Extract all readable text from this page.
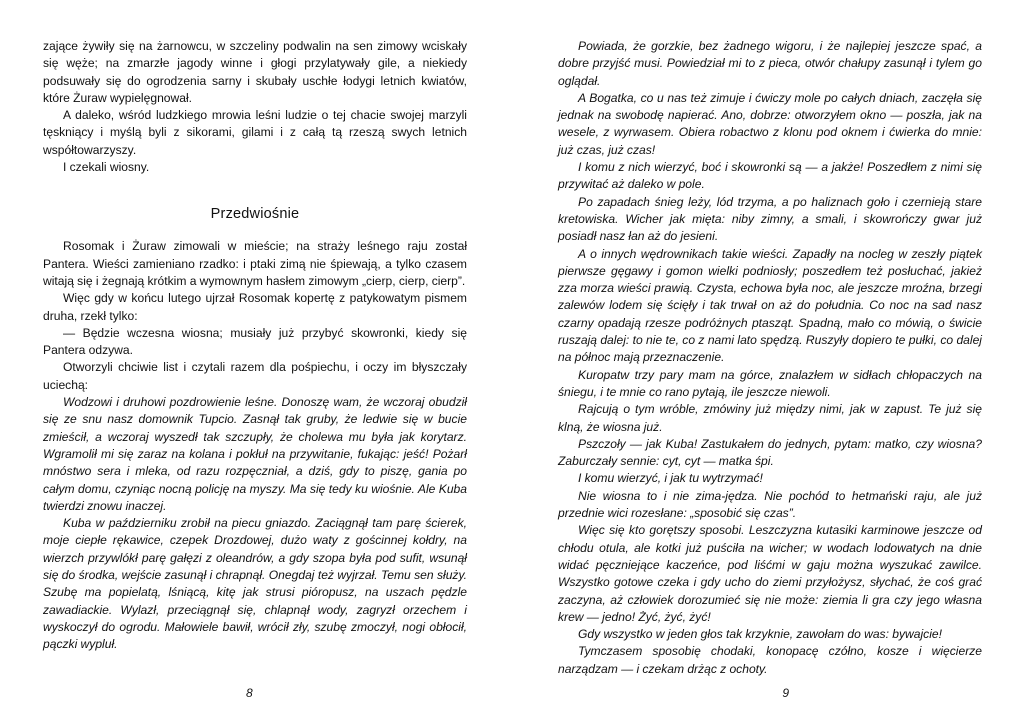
zające żywiły się na żarnowcu, w szczeliny podwalin na sen zimowy wciskały się węże; na zmarzłe jagody winne i głogi przylatywały gile, a niekiedy podsuwały się do ogrodzenia sarny i skubały uschłe łodygi letnich kwiatów, które Żuraw wypielęgnował.

A daleko, wśród ludzkiego mrowia leśni ludzie o tej chacie swojej marzyli tęskniący i myślą byli z sikorami, gilami i z całą tą rzeszą swych letnich współtowarzyszy.

I czekali wiosny.

Przedwiośnie

Rosomak i Żuraw zimowali w mieście; na straży leśnego raju został Pantera. Wieści zamieniano rzadko: i ptaki zimą nie śpiewają, a tylko czasem witają się i żegnają krótkim a wymownym hasłem zimowym „cierp, cierp, cierp”.

Więc gdy w końcu lutego ujrzał Rosomak kopertę z patykowatym pismem druha, rzekł tylko:

— Będzie wczesna wiosna; musiały już przybyć skowronki, kiedy się Pantera odzywa.

Otworzyli chciwie list i czytali razem dla pośpiechu, i oczy im błyszczały uciechą:

Wodzowi i druhowi pozdrowienie leśne. Donoszę wam, że wczoraj obudził się ze snu nasz domownik Tupcio. Zasnął tak gruby, że ledwie się w bucie zmieścił, a wczoraj wyszedł tak szczupły, że cholewa mu była jak korytarz. Wgramolił mi się zaraz na kolana i pokłuł na przywitanie, fukając: jeść! Pożarł mnóstwo sera i mleka, od razu rozpęczniał, a dziś, gdy to piszę, gania po całym domu, czyniąc nocną policję na myszy. Ma się tedy ku wiośnie. Ale Kuba twierdzi znowu inaczej.

Kuba w październiku zrobił na piecu gniazdo. Zaciągnął tam parę ścierek, moje ciepłe rękawice, czepek Drozdowej, dużo waty z gościnnej kołdry, na wierzch przywlókł parę gałęzi z oleandrów, a gdy szopa była pod sufit, wsunął się do środka, wejście zasunął i chrapnął. Onegdaj też wyjrzał. Temu sen służy. Szubę ma popielatą, lśniącą, kitę jak strusi pióropusz, na uszach pędzle zawadiackie. Wylazł, przeciągnął się, chlapnął wody, zagryzł orzechem i wyskoczył do ogrodu. Małowiele bawił, wrócił zły, szubę zmoczył, nogi obłocił, pączki wypluł.

Powiada, że gorzkie, bez żadnego wigoru, i że najlepiej jeszcze spać, a dobre przyjść musi. Powiedział mi to z pieca, otwór chałupy zasunął i tylem go oglądał.

A Bogatka, co u nas też zimuje i ćwiczy mole po całych dniach, zaczęła się jednak na swobodę napierać. Ano, dobrze: otworzyłem okno — poszła, jak na wesele, z wyrwasem. Obiera robactwo z klonu pod oknem i ćwierka do mnie: już czas, już czas!

I komu z nich wierzyć, boć i skowronki są — a jakże! Poszedłem z nimi się przywitać aż daleko w pole.

Po zapadach śnieg leży, lód trzyma, a po haliznach goło i czernieją stare kretowiska. Wicher jak mięta: niby zimny, a smali, i skowrończy gwar już posiadł nasz łan aż do jesieni.

A o innych wędrownikach takie wieści. Zapadły na nocleg w zeszły piątek pierwsze gęgawy i gomon wielki podniosły; poszedłem też posłuchać, jakież zza morza wieści prawią. Czysta, echowa była noc, ale jeszcze mroźna, brzegi zalewów lodem się ścięły i tak trwał on aż do południa. Co noc na sad nasz czarny opadają rzesze podróżnych ptasząt. Spadną, mało co mówią, o świcie ruszają dalej: to nie te, co z nami lato spędzą. Ruszyły dopiero te pułki, co dalej na północ mają przeznaczenie.

Kuropatw trzy pary mam na górce, znalazłem w sidłach chłopaczych na śniegu, i te mnie co rano pytają, ile jeszcze niewoli.

Rajcują o tym wróble, zmówiny już między nimi, jak w zapust. Te już się klną, że wiosna już.

Pszczoły — jak Kuba! Zastukałem do jednych, pytam: matko, czy wiosna? Zaburczały sennie: cyt, cyt — matka śpi.

I komu wierzyć, i jak tu wytrzymać!

Nie wiosna to i nie zima-jędza. Nie pochód to hetmański raju, ale już przednie wici rozesłane: „sposobić się czas”.

Więc się kto gorętszy sposobi. Leszczyzna kutasiki karminowe jeszcze od chłodu otula, ale kotki już puściła na wicher; w wodach lodowatych na dnie widać pęczniejące kaczeńce, pod liśćmi w gaju można wyszukać zawilce. Wszystko gotowe czeka i gdy ucho do ziemi przyłożysz, słychać, że coś grać zaczyna, aż człowiek dorozumieć się nie może: ziemia li gra czy jego własna krew — jedno! Żyć, żyć, żyć!

Gdy wszystko w jeden głos tak krzyknie, zawołam do was: bywajcie!

Tymczasem sposobię chodaki, konopacę czółno, kosze i więcierze narządzam — i czekam drżąc z ochoty.

8	9
